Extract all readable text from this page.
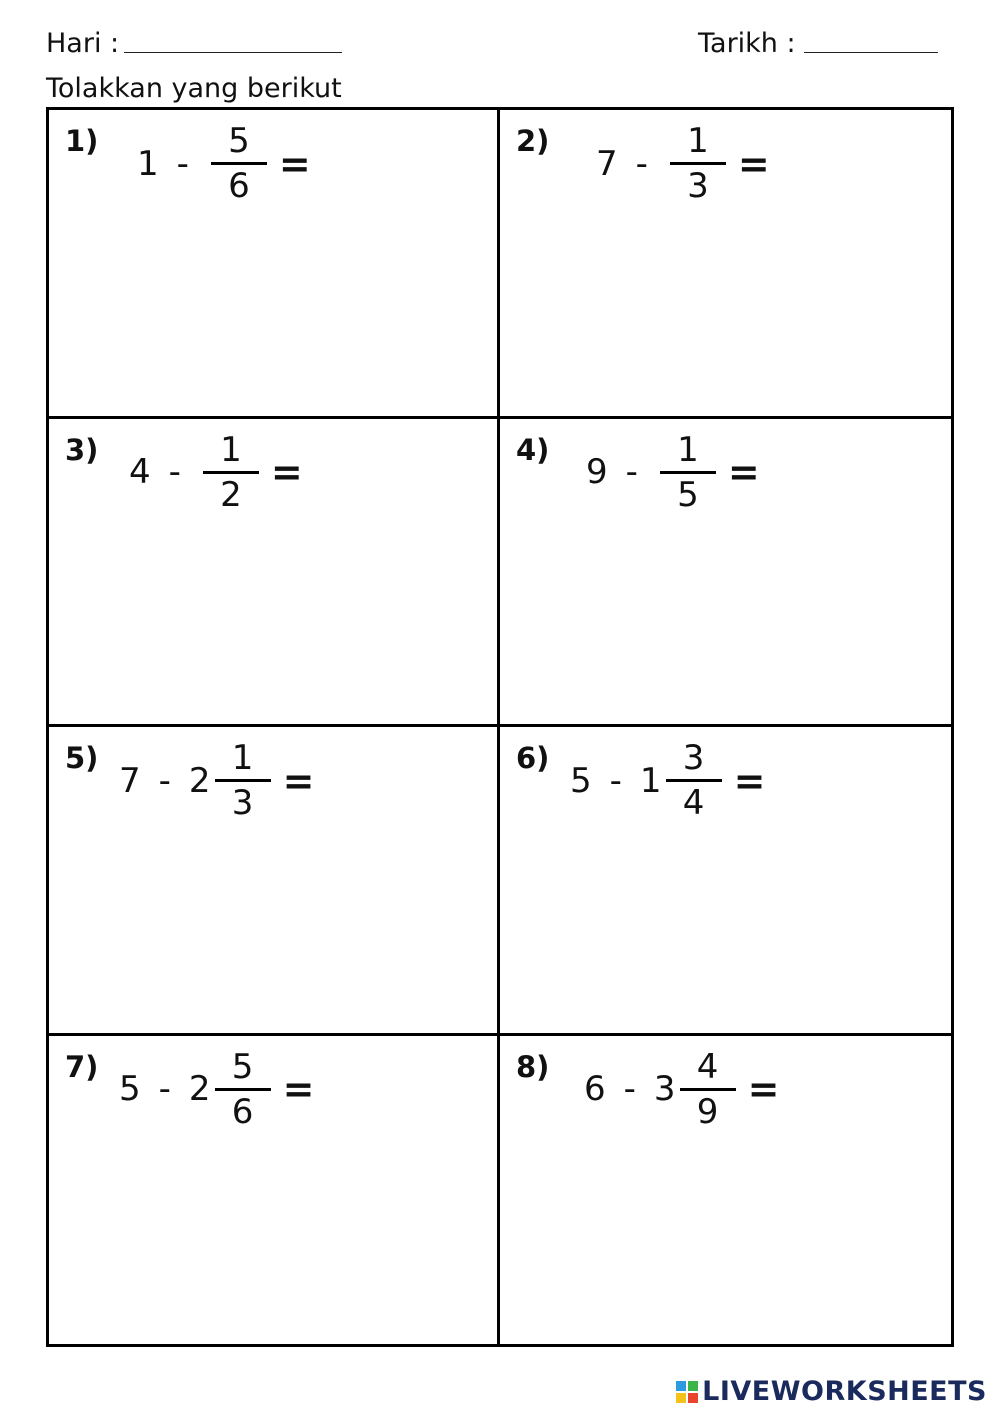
Hari :	Tarikh :
Tolakkan yang berikut
1)
$1 - \frac{5}{6}$ =
2)
$7 - \frac{1}{3}$ =
3)
$4 - \frac{1}{2}$ =
4)
$9 - \frac{1}{5}$ =
5)
$7 - 2 \frac{1}{3}$ =
6)
$5 - 1 \frac{3}{4}$ =
7)
$5 - 2 \frac{5}{6}$ =
8)
$6 - 3 \frac{4}{9}$ =
LIVEWORKSHEETS
